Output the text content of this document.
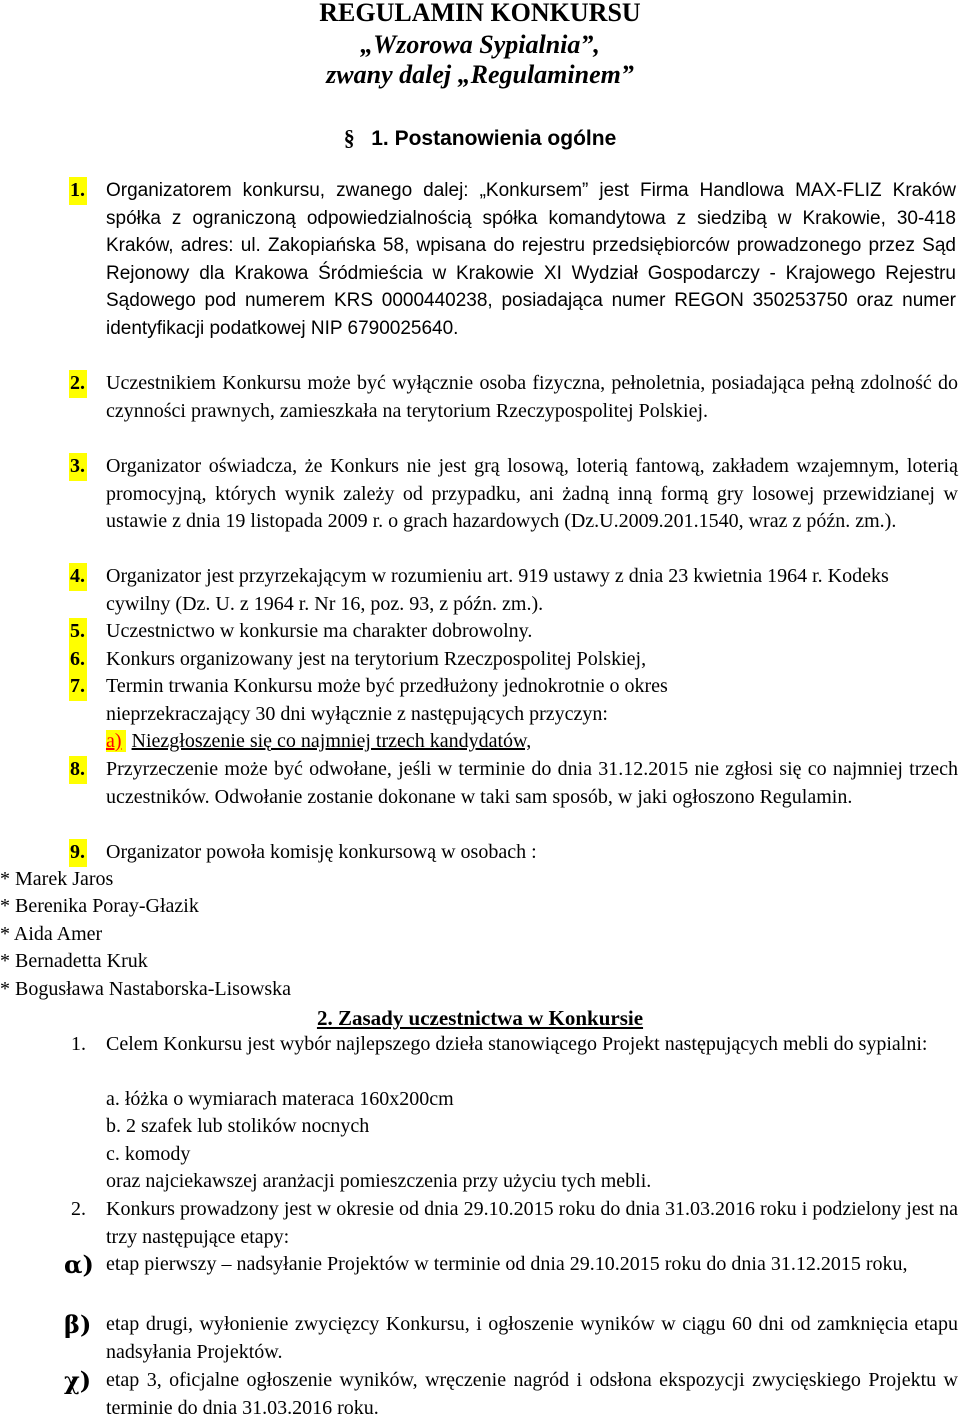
REGULAMIN KONKURSU
„Wzorowa Sypialnia”,
zwany dalej „Regulaminem”
§ 1. Postanowienia ogólne
1. Organizatorem konkursu, zwanego dalej: „Konkursem” jest Firma Handlowa MAX-FLIZ Kraków spółka z ograniczoną odpowiedzialnością spółka komandytowa z siedzibą w Krakowie, 30-418 Kraków, adres: ul. Zakopiańska 58, wpisana do rejestru przedsiębiorców prowadzonego przez Sąd Rejonowy dla Krakowa Śródmieścia w Krakowie XI Wydział Gospodarczy - Krajowego Rejestru Sądowego pod numerem KRS 0000440238, posiadająca numer REGON 350253750 oraz numer identyfikacji podatkowej NIP 6790025640.
2. Uczestnikiem Konkursu może być wyłącznie osoba fizyczna, pełnoletnia, posiadająca pełną zdolność do czynności prawnych, zamieszkała na terytorium Rzeczypospolitej Polskiej.
3. Organizator oświadcza, że Konkurs nie jest grą losową, loterią fantową, zakładem wzajemnym, loterią promocyjną, których wynik zależy od przypadku, ani żadną inną formą gry losowej przewidzianej w ustawie z dnia 19 listopada 2009 r. o grach hazardowych (Dz.U.2009.201.1540, wraz z późn. zm.).
4. Organizator jest przyrzekającym w rozumieniu art. 919 ustawy z dnia 23 kwietnia 1964 r. Kodeks cywilny (Dz. U. z 1964 r. Nr 16, poz. 93, z późn. zm.).
5. Uczestnictwo w konkursie ma charakter dobrowolny.
6. Konkurs organizowany jest na terytorium Rzeczpospolitej Polskiej,
7. Termin trwania Konkursu może być przedłużony jednokrotnie o okres nieprzekraczający 30 dni wyłącznie z następujących przyczyn:
a) Niezgłoszenie się co najmniej trzech kandydatów,
8. Przyrzeczenie może być odwołane, jeśli w terminie do dnia 31.12.2015 nie zgłosi się co najmniej trzech uczestników. Odwołanie zostanie dokonane w taki sam sposób, w jaki ogłoszono Regulamin.
9. Organizator powoła komisję konkursową w osobach :
* Marek Jaros
* Berenika Poray-Głazik
* Aida Amer
* Bernadetta Kruk
* Bogusława Nastaborska-Lisowska
2. Zasady uczestnictwa w Konkursie
1. Celem Konkursu jest wybór najlepszego dzieła stanowiącego Projekt następujących mebli do sypialni:
a. łóżka o wymiarach materaca 160x200cm
b. 2 szafek lub stolików nocnych
c. komody
oraz najciekawszej aranżacji pomieszczenia przy użyciu tych mebli.
2. Konkurs prowadzony jest w okresie od dnia 29.10.2015 roku do dnia 31.03.2016 roku i podzielony jest na trzy następujące etapy:
α) etap pierwszy – nadsyłanie Projektów w terminie od dnia 29.10.2015 roku do dnia 31.12.2015 roku,
β) etap drugi, wyłonienie zwycięzcy Konkursu, i ogłoszenie wyników w ciągu 60 dni od zamknięcia etapu nadsyłania Projektów.
χ) etap 3, oficjalne ogłoszenie wyników, wręczenie nagród i odsłona ekspozycji zwycięskiego Projektu w terminie do dnia 31.03.2016 roku.
